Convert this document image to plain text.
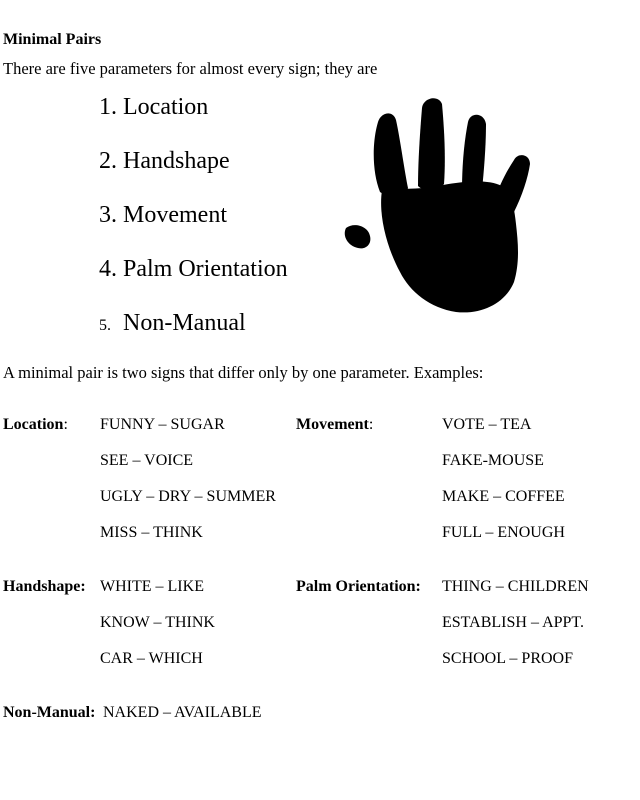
Minimal Pairs
There are five parameters for almost every sign; they are
1. Location
2. Handshape
3. Movement
4. Palm Orientation
5. Non-Manual
A minimal pair is two signs that differ only by one parameter. Examples:
Location: FUNNY – SUGAR
SEE – VOICE
UGLY – DRY – SUMMER
MISS – THINK
Movement:	VOTE – TEA
FAKE-MOUSE
MAKE – COFFEE
FULL – ENOUGH
Handshape: WHITE – LIKE
KNOW – THINK
CAR – WHICH
Palm Orientation: THING – CHILDREN
ESTABLISH – APPT.
SCHOOL – PROOF
Non-Manual: NAKED – AVAILABLE
